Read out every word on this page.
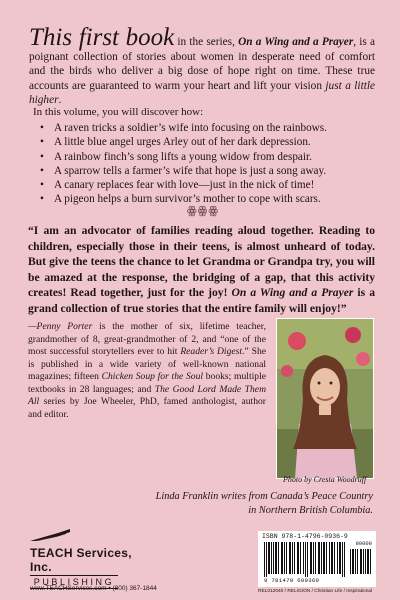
This first book in the series, On a Wing and a Prayer, is a poignant collection of stories about women in desperate need of comfort and the birds who deliver a big dose of hope right on time. These true accounts are guaranteed to warm your heart and lift your vision just a little higher.
In this volume, you will discover how:
• A raven tricks a soldier’s wife into focusing on the rainbows.
• A little blue angel urges Arley out of her dark depression.
• A rainbow finch’s song lifts a young widow from despair.
• A sparrow tells a farmer’s wife that hope is just a song away.
• A canary replaces fear with love—just in the nick of time!
• A pigeon helps a burn survivor’s mother to cope with scars.
ꙮꙮꙮ
“I am an advocator of families reading aloud together. Reading to children, especially those in their teens, is almost unheard of today. But give the teens the chance to let Grandma or Grandpa try, you will be amazed at the response, the bridging of a gap, that this activity creates! Read together, just for the joy! On a Wing and a Prayer is a grand collection of true stories that the entire family will enjoy!”
—Penny Porter is the mother of six, lifetime teacher, grandmother of 8, great-grandmother of 2, and “one of the most successful storytellers ever to hit Reader’s Digest.” She is published in a wide variety of well-known national magazines; fifteen Chicken Soup for the Soul books; multiple textbooks in 28 languages; and The Good Lord Made Them All series by Joe Wheeler, PhD, famed anthologist, author and editor.
Photo by Cresta Woodruff
Linda Franklin writes from Canada’s Peace Country in Northern British Columbia.
TEACH Services, Inc.
PUBLISHING
www.TEACHServices.com • (800) 367-1844
ISBN 978-1-4796-0936-9
90000
9 781479 609369
REL012040 / RELIGION / Christian Life / Inspirational
